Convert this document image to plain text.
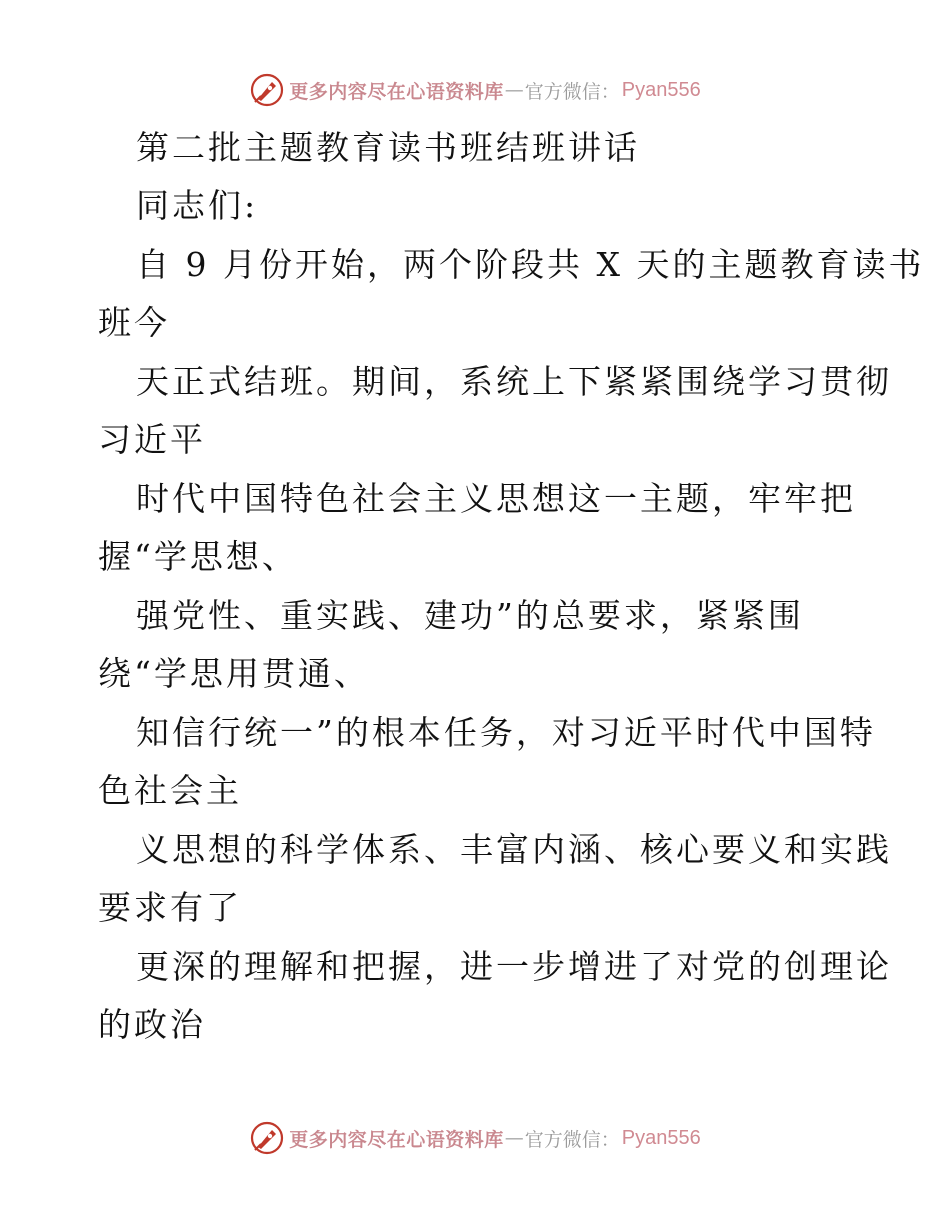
更多内容尽在心语资料库 — 官方微信： Pyan556
第二批主题教育读书班结班讲话
同志们:
自 9 月份开始，两个阶段共 X 天的主题教育读书
班今
天正式结班。期间，系统上下紧紧围绕学习贯彻
习近平
时代中国特色社会主义思想这一主题，牢牢把
握“学思想、
强党性、重实践、建功”的总要求，紧紧围
绕“学思用贯通、
知信行统一”的根本任务，对习近平时代中国特
色社会主
义思想的科学体系、丰富内涵、核心要义和实践
要求有了
更深的理解和把握，进一步增进了对党的创理论
的政治
更多内容尽在心语资料库 — 官方微信： Pyan556
